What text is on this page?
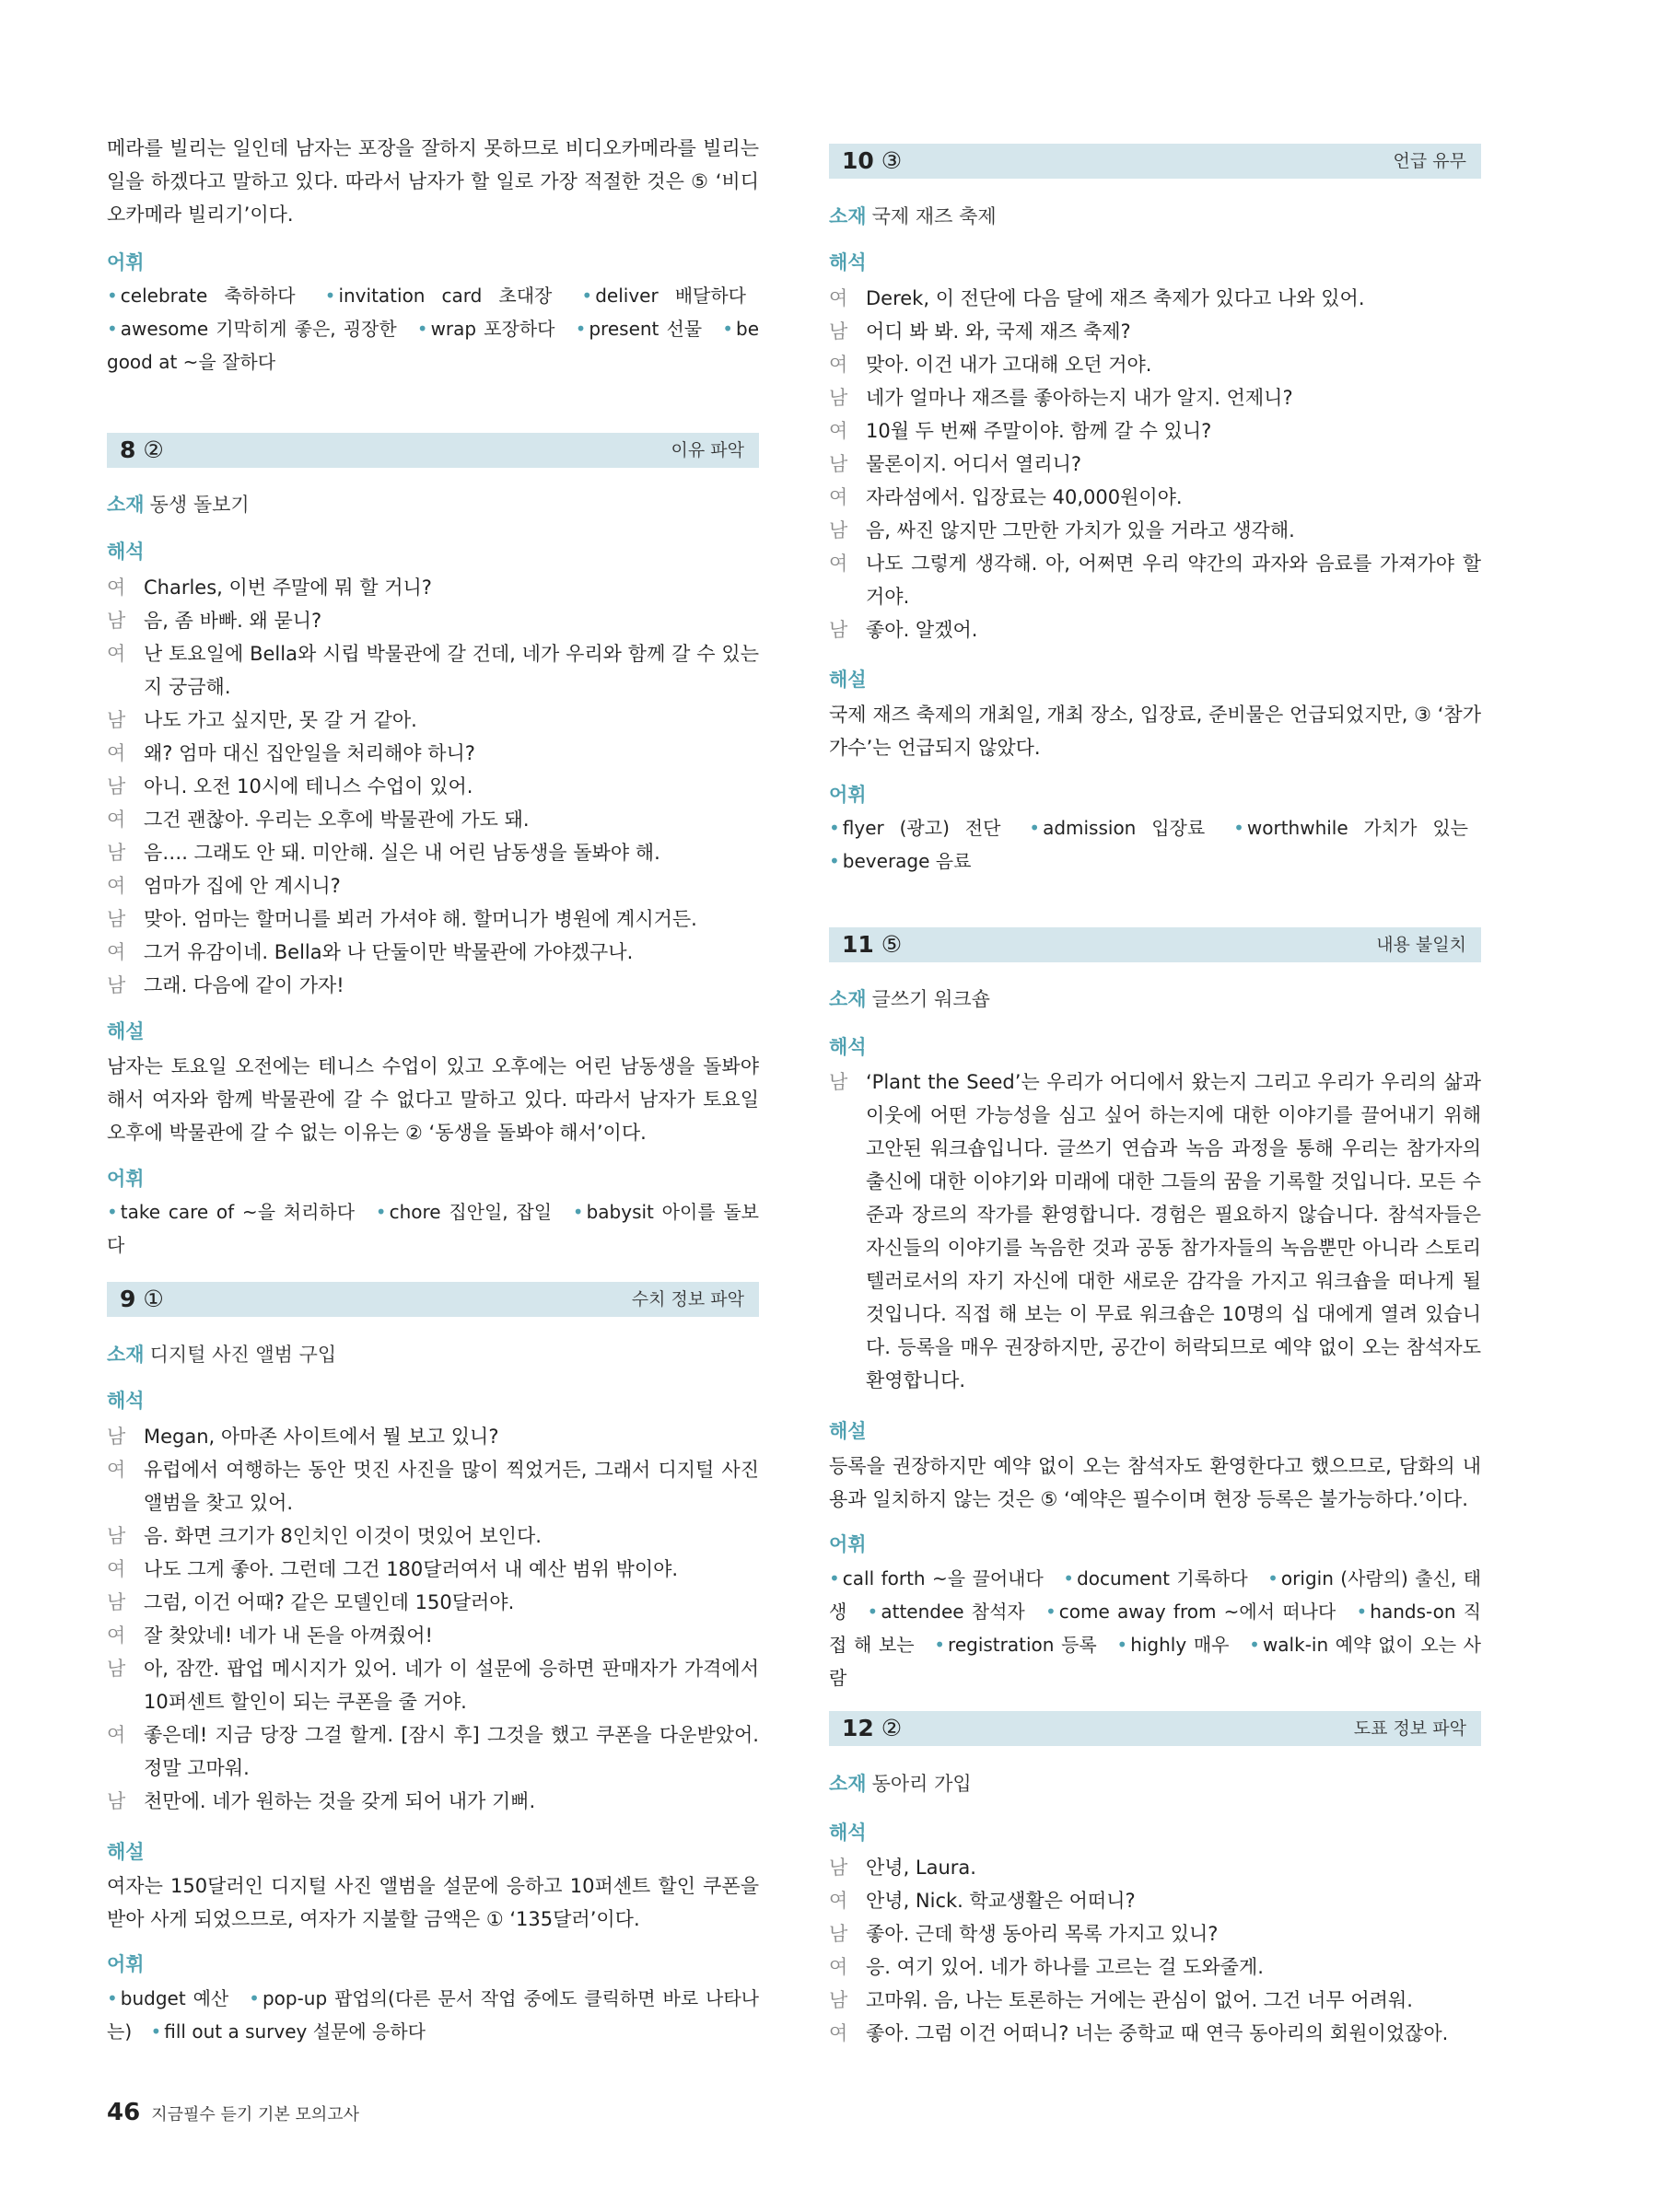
메라를 빌리는 일인데 남자는 포장을 잘하지 못하므로 비디오카메라를 빌리는 일을 하겠다고 말하고 있다. 따라서 남자가 할 일로 가장 적절한 것은 ⑤ ‘비디오카메라 빌리기’이다.

어휘

• celebrate 축하하다 • invitation card 초대장 • deliver 배달하다 • awesome 기막히게 좋은, 굉장한 • wrap 포장하다 • present 선물 • be good at ~을 잘하다

8 ②	이유 파악
소재 동생 돌보기
해석
여 Charles, 이번 주말에 뭐 할 거니?
남 음, 좀 바빠. 왜 묻니?
여 난 토요일에 Bella와 시립 박물관에 갈 건데, 네가 우리와 함께 갈 수 있는지 궁금해.
남 나도 가고 싶지만, 못 갈 거 같아.
여 왜? 엄마 대신 집안일을 처리해야 하니?
남 아니. 오전 10시에 테니스 수업이 있어.
여 그건 괜찮아. 우리는 오후에 박물관에 가도 돼.
남 음…. 그래도 안 돼. 미안해. 실은 내 어린 남동생을 돌봐야 해.
여 엄마가 집에 안 계시니?
남 맞아. 엄마는 할머니를 뵈러 가셔야 해. 할머니가 병원에 계시거든.
여 그거 유감이네. Bella와 나 단둘이만 박물관에 가야겠구나.
남 그래. 다음에 같이 가자!
해설

남자는 토요일 오전에는 테니스 수업이 있고 오후에는 어린 남동생을 돌봐야 해서 여자와 함께 박물관에 갈 수 없다고 말하고 있다. 따라서 남자가 토요일 오후에 박물관에 갈 수 없는 이유는 ② ‘동생을 돌봐야 해서’이다.

어휘

• take care of ~을 처리하다 • chore 집안일, 잡일 • babysit 아이를 돌보다

9 ①	수치 정보 파악
소재 디지털 사진 앨범 구입
해석
남 Megan, 아마존 사이트에서 뭘 보고 있니?
여 유럽에서 여행하는 동안 멋진 사진을 많이 찍었거든, 그래서 디지털 사진 앨범을 찾고 있어.
남 음. 화면 크기가 8인치인 이것이 멋있어 보인다.
여 나도 그게 좋아. 그런데 그건 180달러여서 내 예산 범위 밖이야.
남 그럼, 이건 어때? 같은 모델인데 150달러야.
여 잘 찾았네! 네가 내 돈을 아껴줬어!
남 아, 잠깐. 팝업 메시지가 있어. 네가 이 설문에 응하면 판매자가 가격에서 10퍼센트 할인이 되는 쿠폰을 줄 거야.
여 좋은데! 지금 당장 그걸 할게. [잠시 후] 그것을 했고 쿠폰을 다운받았어. 정말 고마워.
남 천만에. 네가 원하는 것을 갖게 되어 내가 기뻐.
해설

여자는 150달러인 디지털 사진 앨범을 설문에 응하고 10퍼센트 할인 쿠폰을 받아 사게 되었으므로, 여자가 지불할 금액은 ① ‘135달러’이다.

어휘

• budget 예산 • pop-up 팝업의(다른 문서 작업 중에도 클릭하면 바로 나타나는) • fill out a survey 설문에 응하다

10 ③	언급 유무
소재 국제 재즈 축제
해석
여 Derek, 이 전단에 다음 달에 재즈 축제가 있다고 나와 있어.
남 어디 봐 봐. 와, 국제 재즈 축제?
여 맞아. 이건 내가 고대해 오던 거야.
남 네가 얼마나 재즈를 좋아하는지 내가 알지. 언제니?
여 10월 두 번째 주말이야. 함께 갈 수 있니?
남 물론이지. 어디서 열리니?
여 자라섬에서. 입장료는 40,000원이야.
남 음, 싸진 않지만 그만한 가치가 있을 거라고 생각해.
여 나도 그렇게 생각해. 아, 어쩌면 우리 약간의 과자와 음료를 가져가야 할 거야.
남 좋아. 알겠어.
해설

국제 재즈 축제의 개최일, 개최 장소, 입장료, 준비물은 언급되었지만, ③ ‘참가 가수’는 언급되지 않았다.

어휘

• flyer (광고) 전단 • admission 입장료 • worthwhile 가치가 있는 • beverage 음료

11 ⑤	내용 불일치
소재 글쓰기 워크숍
해석
남 ‘Plant the Seed’는 우리가 어디에서 왔는지 그리고 우리가 우리의 삶과 이웃에 어떤 가능성을 심고 싶어 하는지에 대한 이야기를 끌어내기 위해 고안된 워크숍입니다. 글쓰기 연습과 녹음 과정을 통해 우리는 참가자의 출신에 대한 이야기와 미래에 대한 그들의 꿈을 기록할 것입니다. 모든 수준과 장르의 작가를 환영합니다. 경험은 필요하지 않습니다. 참석자들은 자신들의 이야기를 녹음한 것과 공동 참가자들의 녹음뿐만 아니라 스토리텔러로서의 자기 자신에 대한 새로운 감각을 가지고 워크숍을 떠나게 될 것입니다. 직접 해 보는 이 무료 워크숍은 10명의 십 대에게 열려 있습니다. 등록을 매우 권장하지만, 공간이 허락되므로 예약 없이 오는 참석자도 환영합니다.
해설

등록을 권장하지만 예약 없이 오는 참석자도 환영한다고 했으므로, 담화의 내용과 일치하지 않는 것은 ⑤ ‘예약은 필수이며 현장 등록은 불가능하다.’이다.

어휘

• call forth ~을 끌어내다 • document 기록하다 • origin (사람의) 출신, 태생 • attendee 참석자 • come away from ~에서 떠나다 • hands-on 직접 해 보는 • registration 등록 • highly 매우 • walk-in 예약 없이 오는 사람

12 ②	도표 정보 파악
소재 동아리 가입
해석
남 안녕, Laura.
여 안녕, Nick. 학교생활은 어떠니?
남 좋아. 근데 학생 동아리 목록 가지고 있니?
여 응. 여기 있어. 네가 하나를 고르는 걸 도와줄게.
남 고마워. 음, 나는 토론하는 거에는 관심이 없어. 그건 너무 어려워.
여 좋아. 그럼 이건 어떠니? 너는 중학교 때 연극 동아리의 회원이었잖아.
46 지금필수 듣기 기본 모의고사
